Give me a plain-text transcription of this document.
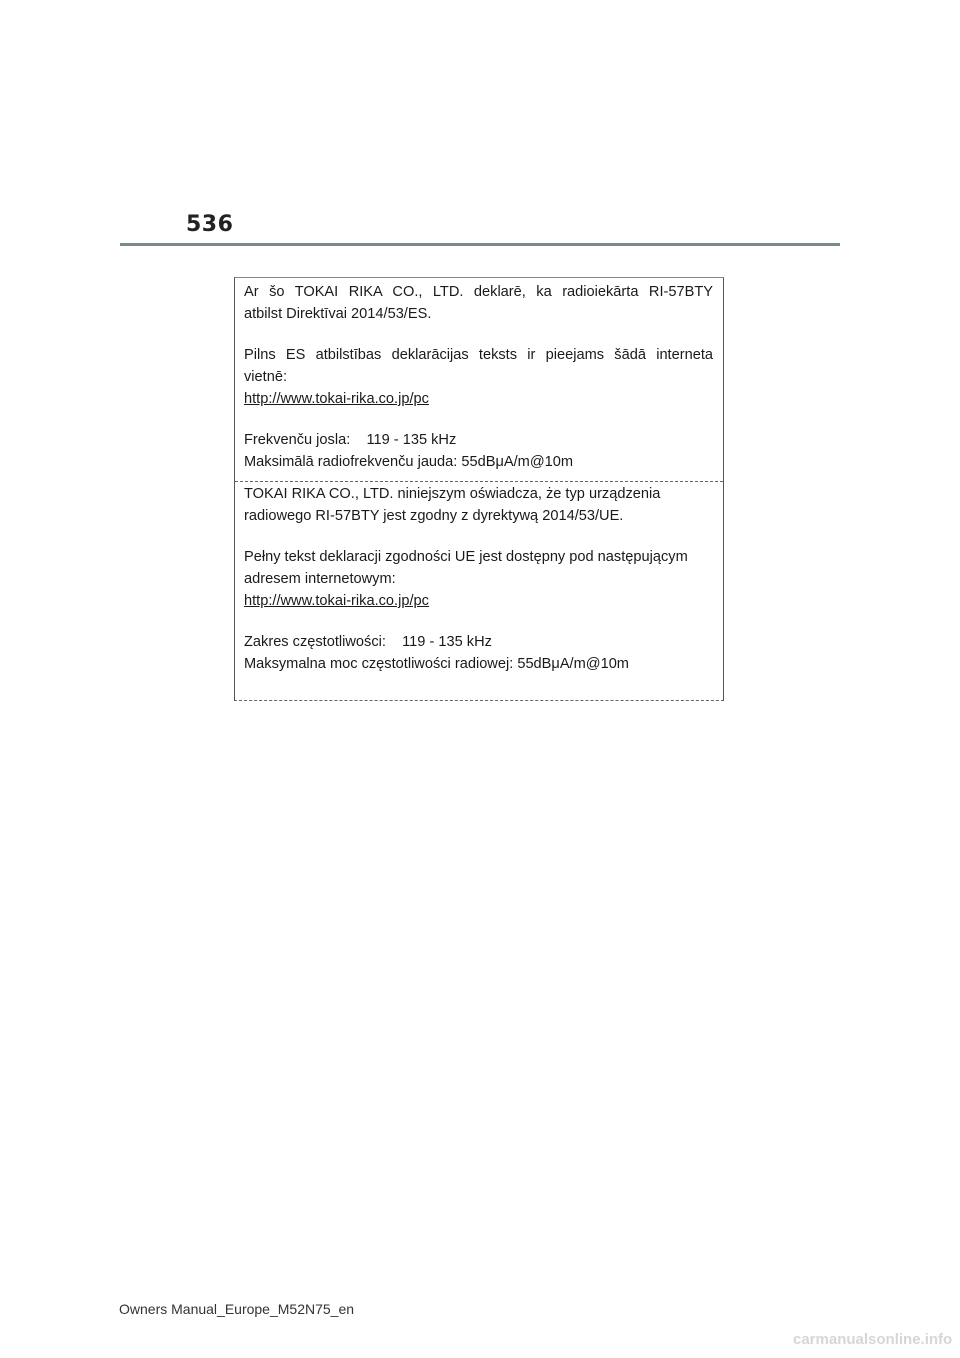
536

Ar šo TOKAI RIKA CO., LTD. deklarē, ka radioiekārta RI-57BTY

atbilst Direktīvai 2014/53/ES.

Pilns ES atbilstības deklarācijas teksts ir pieejams šādā interneta

vietnē:

http://www.tokai-rika.co.jp/pc

Frekvenču josla: 119 - 135 kHz

Maksimālā radiofrekvenču jauda: 55dBμA/m@10m

TOKAI RIKA CO., LTD. niniejszym oświadcza, że typ urządzenia

radiowego RI-57BTY jest zgodny z dyrektywą 2014/53/UE.

Pełny tekst deklaracji zgodności UE jest dostępny pod następującym

adresem internetowym:

http://www.tokai-rika.co.jp/pc

Zakres częstotliwości: 119 - 135 kHz

Maksymalna moc częstotliwości radiowej: 55dBμA/m@10m

Owners Manual_Europe_M52N75_en
carmanualsonline.info
